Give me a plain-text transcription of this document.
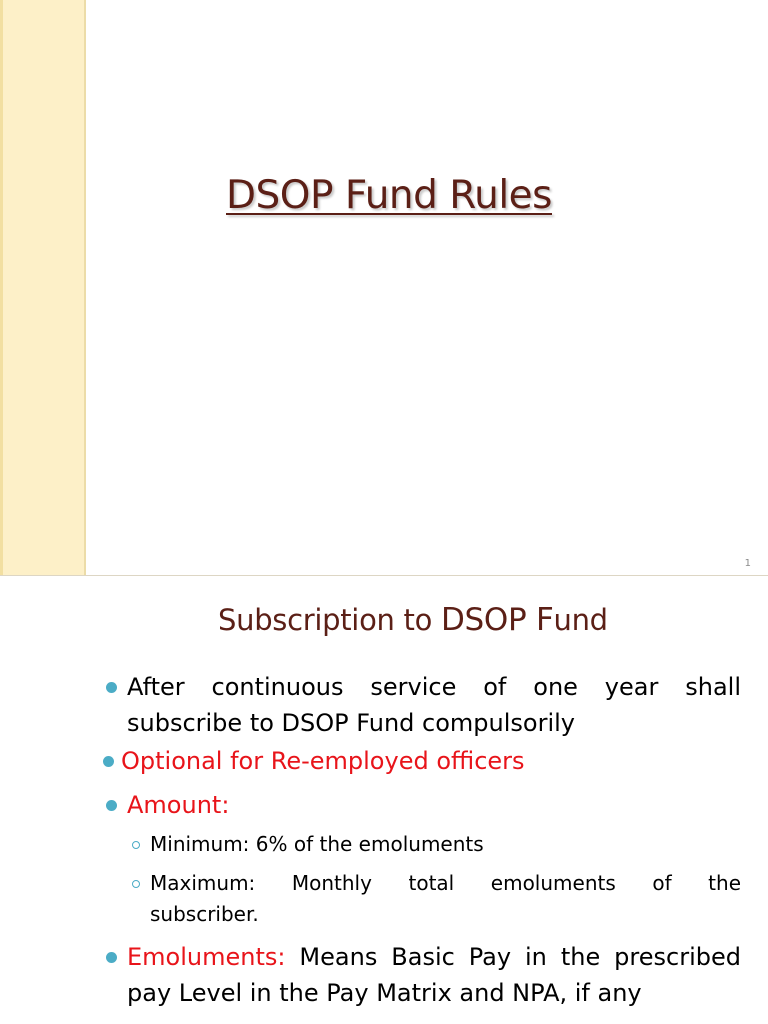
DSOP Fund Rules
1
Subscription to DSOP Fund
After continuous service of one year shall
subscribe to DSOP Fund compulsorily
Optional for Re-employed officers
Amount:
Minimum: 6% of the emoluments
Maximum: Monthly total emoluments of the
subscriber.
Emoluments: Means Basic Pay in the prescribed
pay Level in the Pay Matrix and NPA, if any
